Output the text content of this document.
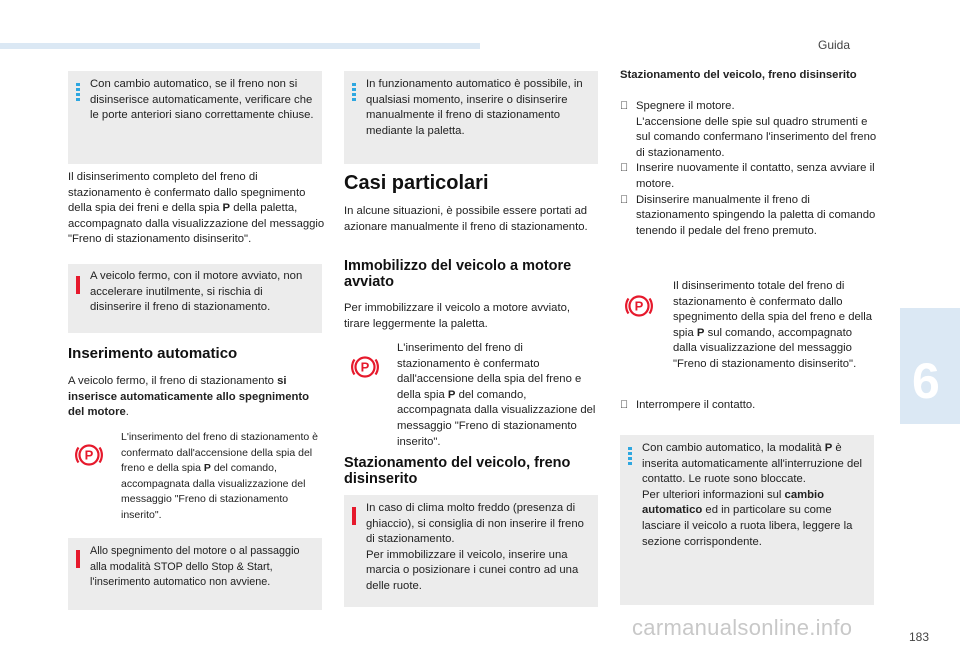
Guida
6
183
carmanualsonline.info
Con cambio automatico, se il freno non si disinserisce automaticamente, verificare che le porte anteriori siano correttamente chiuse.
Il disinserimento completo del freno di stazionamento è confermato dallo spegnimento della spia dei freni e della spia P della paletta, accompagnato dalla visualizzazione del messaggio "Freno di stazionamento disinserito".
A veicolo fermo, con il motore avviato, non accelerare inutilmente, si rischia di disinserire il freno di stazionamento.
Inserimento automatico
A veicolo fermo, il freno di stazionamento si inserisce automaticamente allo spegnimento del motore.
L'inserimento del freno di stazionamento è confermato dall'accensione della spia del freno e della spia P del comando, accompagnata dalla visualizzazione del messaggio "Freno di stazionamento inserito".
Allo spegnimento del motore o al passaggio alla modalità STOP dello Stop & Start, l'inserimento automatico non avviene.
In funzionamento automatico è possibile, in qualsiasi momento, inserire o disinserire manualmente il freno di stazionamento mediante la paletta.
Casi particolari
In alcune situazioni, è possibile essere portati ad azionare manualmente il freno di stazionamento.
Immobilizzo del veicolo a motore avviato
Per immobilizzare il veicolo a motore avviato, tirare leggermente la paletta.
L'inserimento del freno di stazionamento è confermato dall'accensione della spia del freno e della spia P del comando, accompagnata dalla visualizzazione del messaggio "Freno di stazionamento inserito".
Stazionamento del veicolo, freno disinserito

In caso di clima molto freddo (presenza di ghiaccio), si consiglia di non inserire il freno di stazionamento.

Per immobilizzare il veicolo, inserire una marcia o posizionare i cunei contro ad una delle ruote.

Stazionamento del veicolo, freno disinserito
Spegnere il motore.
L'accensione delle spie sul quadro strumenti e sul comando confermano l'inserimento del freno di stazionamento.
Inserire nuovamente il contatto, senza avviare il motore.
Disinserire manualmente il freno di stazionamento spingendo la paletta di comando tenendo il pedale del freno premuto.
Il disinserimento totale del freno di stazionamento è confermato dallo spegnimento della spia del freno e della spia P sul comando, accompagnato dalla visualizzazione del messaggio "Freno di stazionamento disinserito".
Interrompere il contatto.

Con cambio automatico, la modalità P è inserita automaticamente all'interruzione del contatto. Le ruote sono bloccate.

Per ulteriori informazioni sul cambio automatico ed in particolare su come lasciare il veicolo a ruota libera, leggere la sezione corrispondente.
